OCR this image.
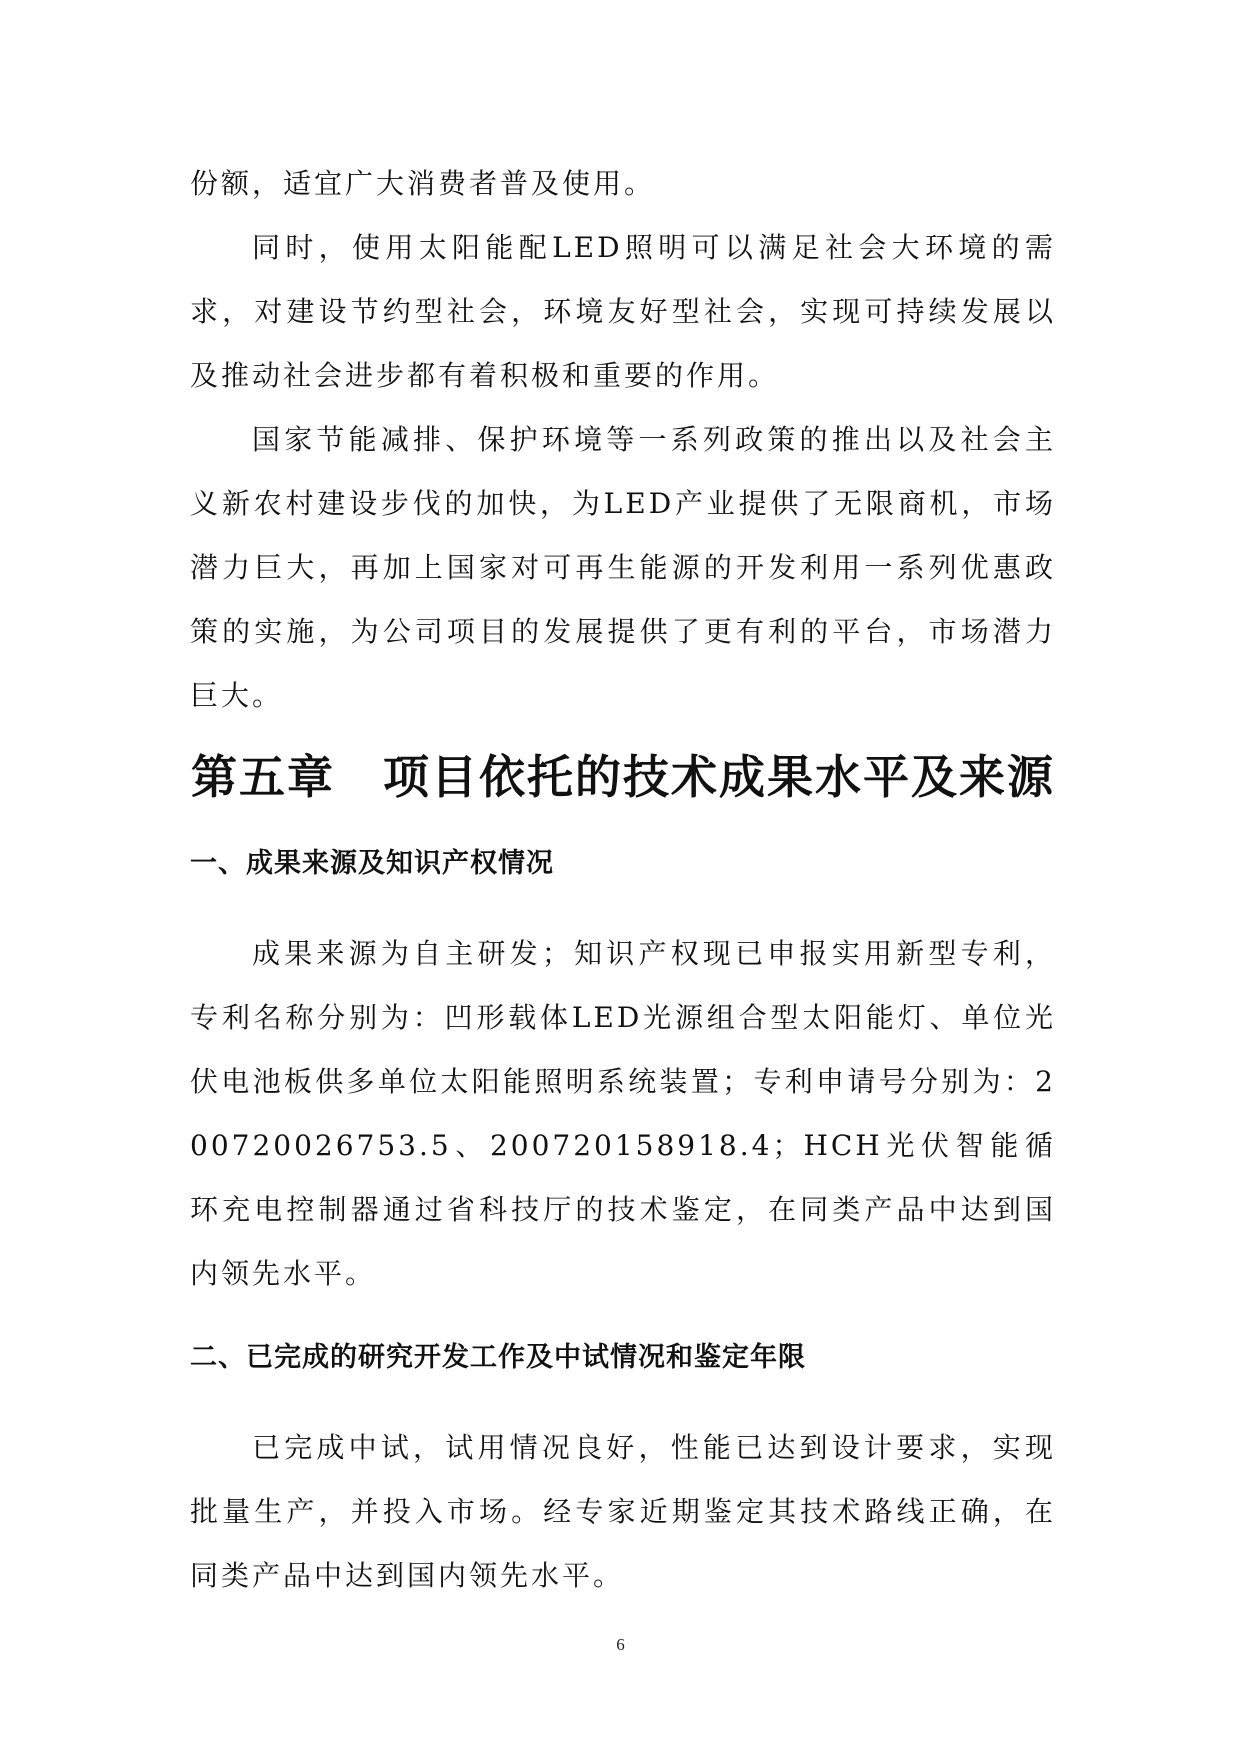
份额，适宜广大消费者普及使用。

同时，使用太阳能配LED照明可以满足社会大环境的需求，对建设节约型社会，环境友好型社会，实现可持续发展以及推动社会进步都有着积极和重要的作用。

国家节能减排、保护环境等一系列政策的推出以及社会主义新农村建设步伐的加快，为LED产业提供了无限商机，市场潜力巨大，再加上国家对可再生能源的开发利用一系列优惠政策的实施，为公司项目的发展提供了更有利的平台，市场潜力巨大。

第五章　项目依托的技术成果水平及来源
一、成果来源及知识产权情况

成果来源为自主研发；知识产权现已申报实用新型专利，专利名称分别为：凹形载体LED光源组合型太阳能灯、单位光伏电池板供多单位太阳能照明系统装置；专利申请号分别为：200720026753.5、200720158918.4；HCH光伏智能循环充电控制器通过省科技厅的技术鉴定，在同类产品中达到国内领先水平。

二、已完成的研究开发工作及中试情况和鉴定年限

已完成中试，试用情况良好，性能已达到设计要求，实现批量生产，并投入市场。经专家近期鉴定其技术路线正确，在同类产品中达到国内领先水平。

6
